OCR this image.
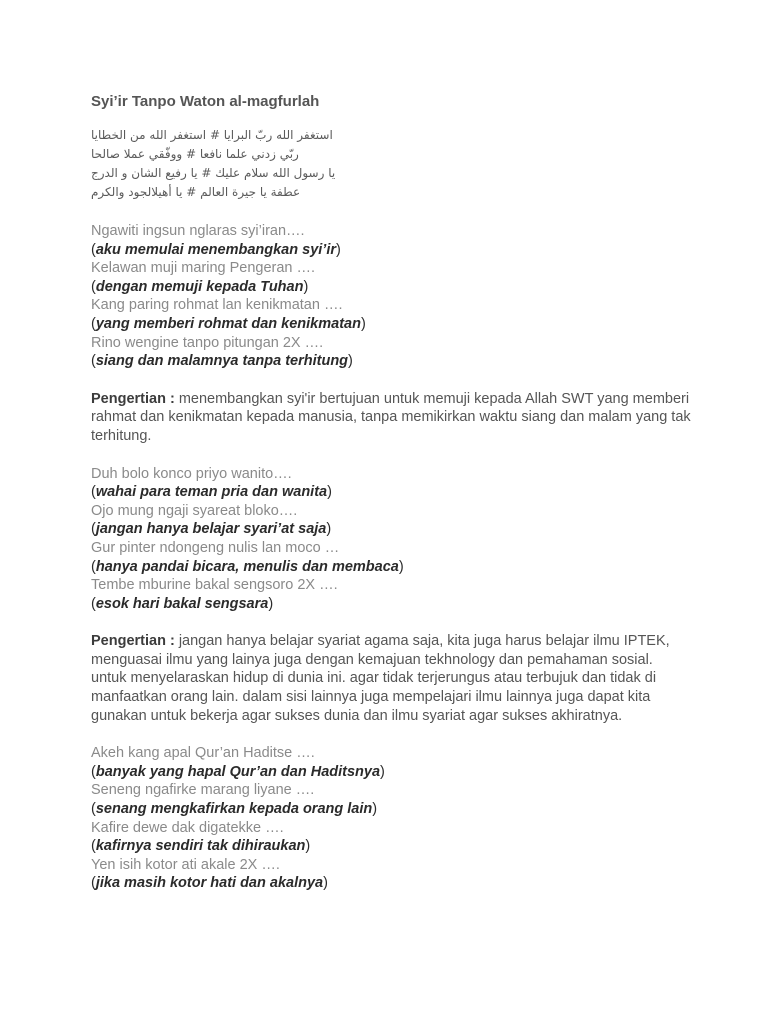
Syi’ir Tanpo Waton al-magfurlah
استغفر الله ربّ البرايا # استغفر الله من الخطايا
ربّي زدني علما نافعا # ووفّقي عملا صالحا
يا رسول الله سلام عليك # يا رفيع الشان و الدرج
عطفة يا جيرة العالم # يا أهيلالجود والكرم
Ngawiti ingsun nglaras syi’iran….
(aku memulai menembangkan syi’ir)
Kelawan muji maring Pengeran ….
(dengan memuji kepada Tuhan)
Kang paring rohmat lan kenikmatan ….
(yang memberi rohmat dan kenikmatan)
Rino wengine tanpo pitungan 2X ….
(siang dan malamnya tanpa terhitung)
Pengertian : menembangkan syi'ir bertujuan untuk memuji kepada Allah SWT yang memberi rahmat dan kenikmatan kepada manusia, tanpa memikirkan waktu siang dan malam yang tak terhitung.
Duh bolo konco priyo wanito….
(wahai para teman pria dan wanita)
Ojo mung ngaji syareat bloko….
(jangan hanya belajar syari’at saja)
Gur pinter ndongeng nulis lan moco …
(hanya pandai bicara, menulis dan membaca)
Tembe mburine bakal sengsoro 2X ….
(esok hari bakal sengsara)
Pengertian : jangan hanya belajar syariat agama saja, kita juga harus belajar ilmu IPTEK, menguasai ilmu yang lainya juga dengan kemajuan tekhnology dan pemahaman sosial. untuk menyelaraskan hidup di dunia ini. agar tidak terjerungus atau terbujuk dan tidak di manfaatkan orang lain. dalam sisi lainnya juga mempelajari ilmu lainnya juga dapat kita gunakan untuk bekerja agar sukses dunia dan ilmu syariat agar sukses akhiratnya.
Akeh kang apal Qur’an Haditse ….
(banyak yang hapal Qur’an dan Haditsnya)
Seneng ngafirke marang liyane ….
(senang mengkafirkan kepada orang lain)
Kafire dewe dak digatekke ….
(kafirnya sendiri tak dihiraukan)
Yen isih kotor ati akale 2X ….
(jika masih kotor hati dan akalnya)
